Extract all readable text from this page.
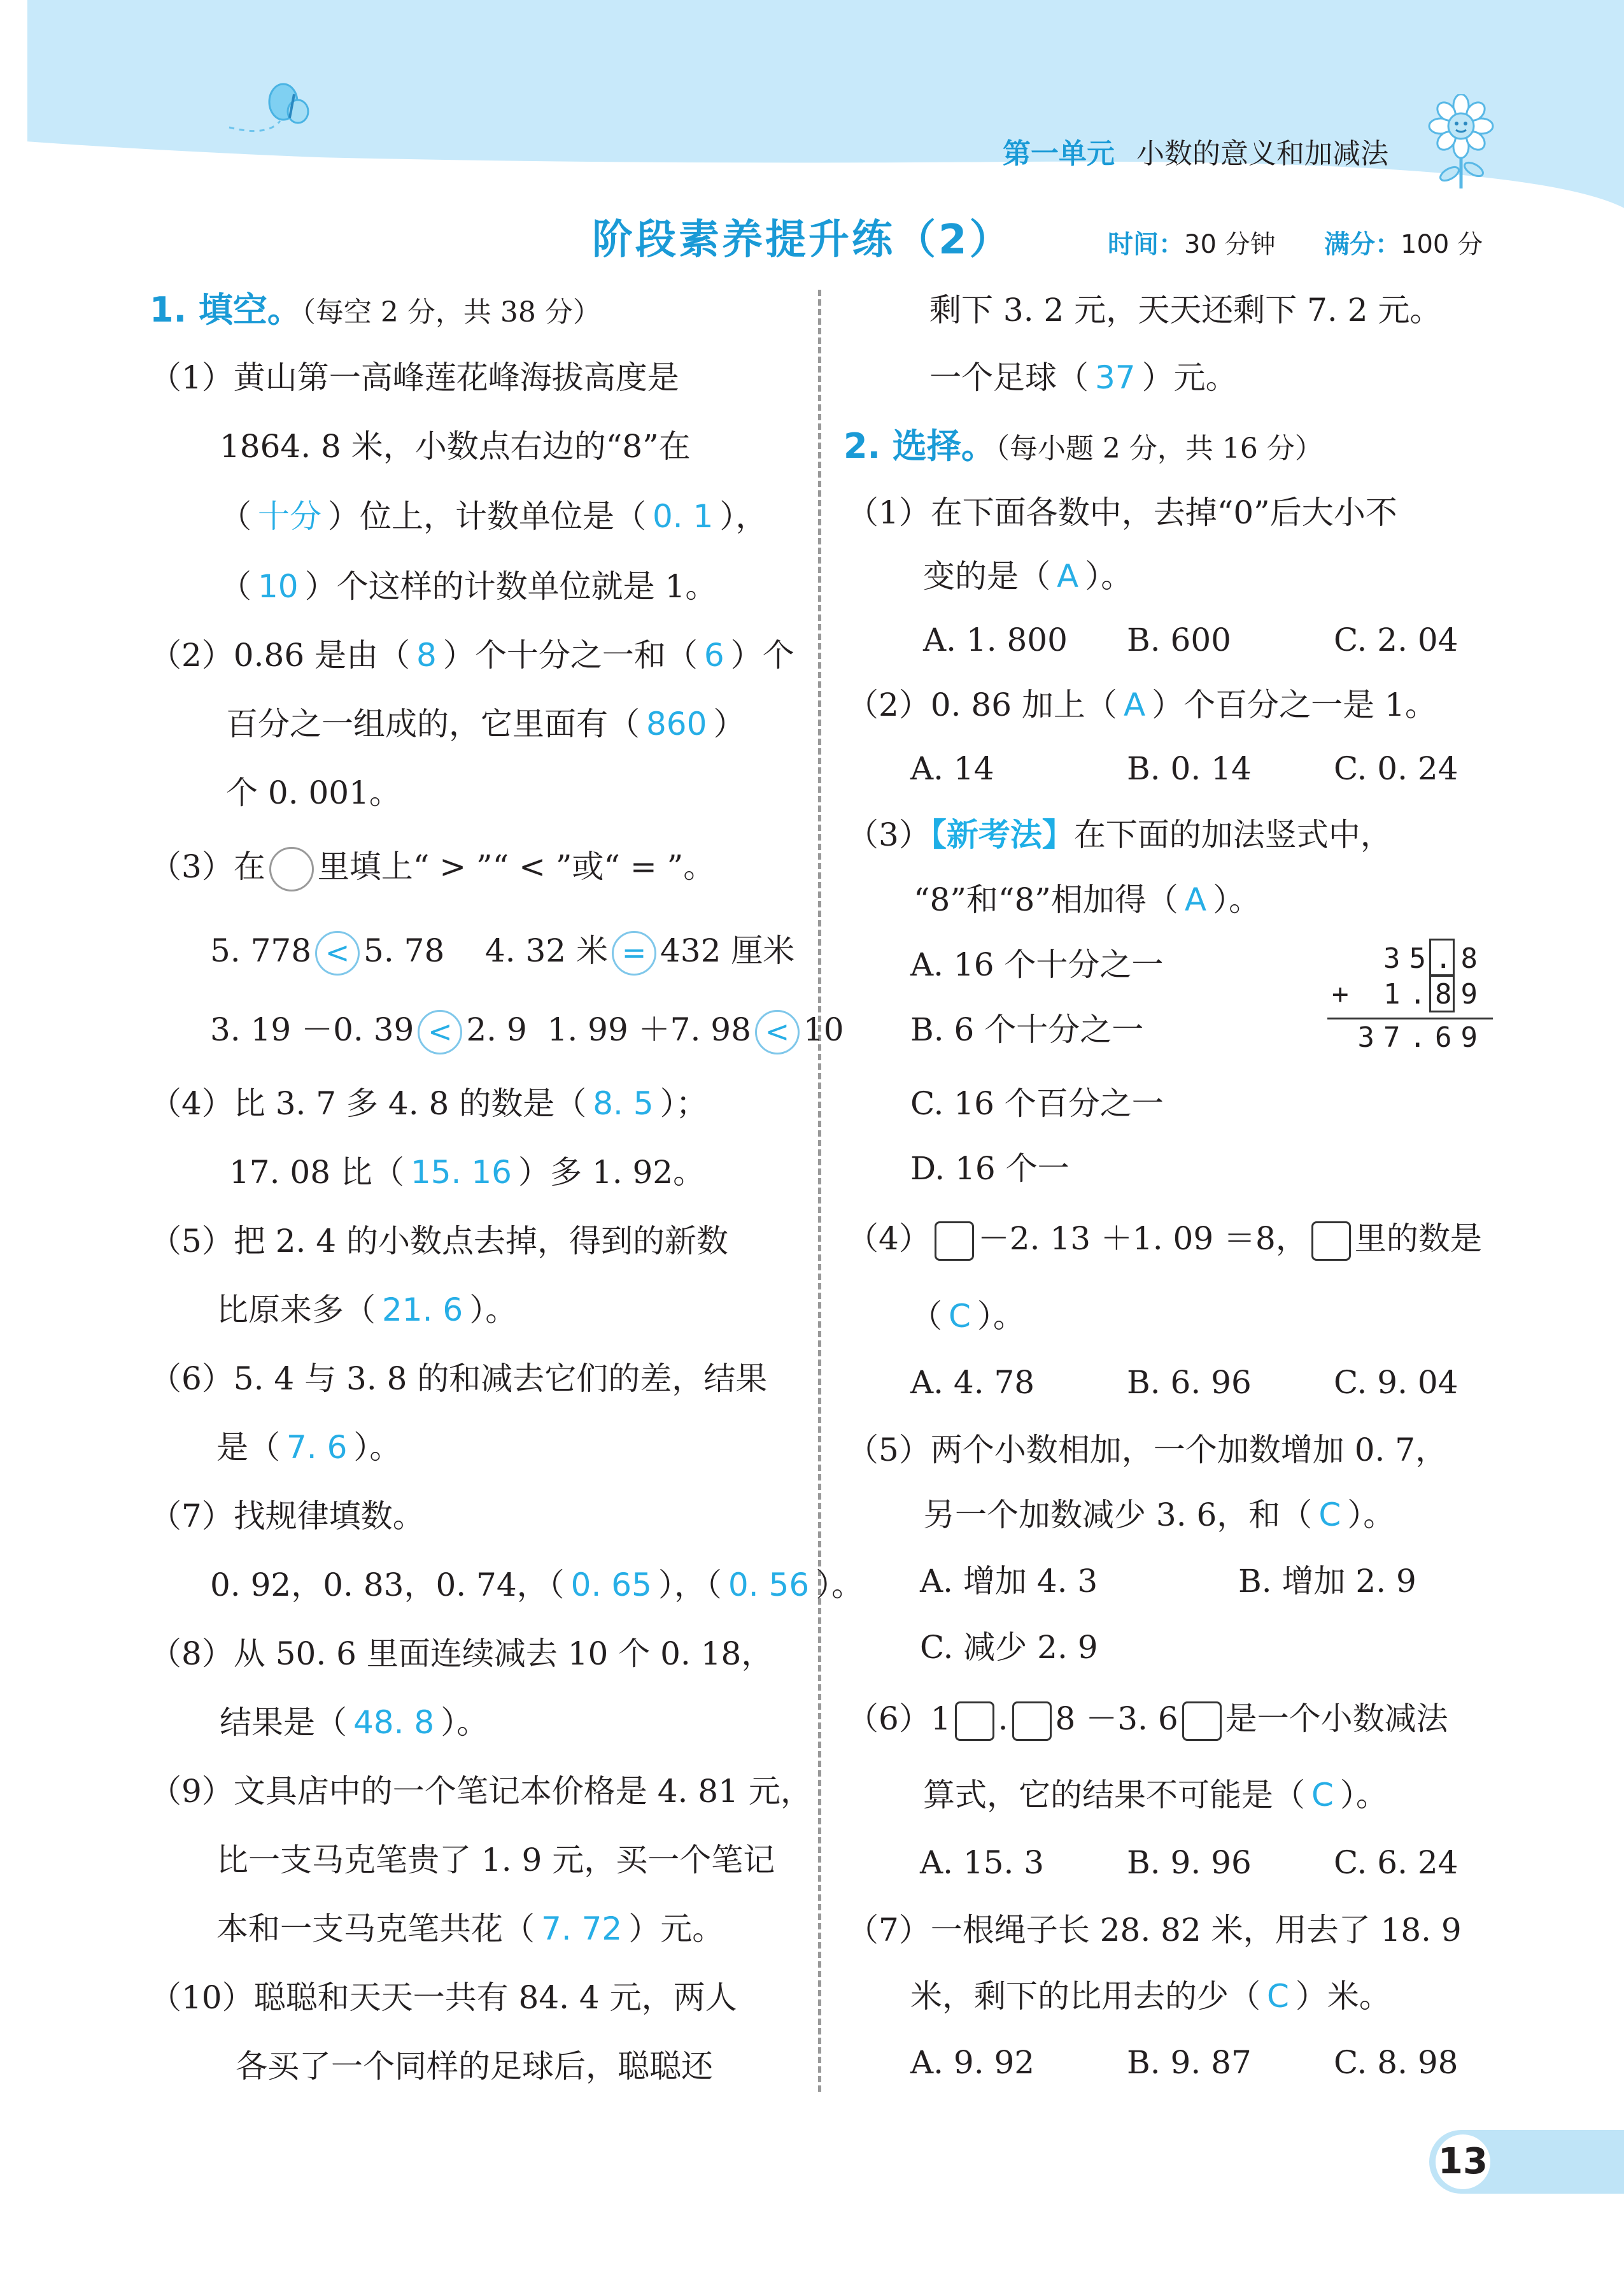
第一单元 小数的意义和加减法
阶段素养提升练（2）	时间：30 分钟 满分：100 分
1. 填空。（每空 2 分，共 38 分）
（1）黄山第一高峰莲花峰海拔高度是
1864. 8 米，小数点右边的“8”在
（ 十分 ）位上，计数单位是（ 0. 1 ），
（ 10 ）个这样的计数单位就是 1。
（2）0.86 是由（ 8 ）个十分之一和（ 6 ）个
百分之一组成的，它里面有（ 860 ）
个 0. 001。
（3）在 里填上“ > ”“ < ”或“ = ”。
5. 778 < 5. 78 4. 32 米 = 432 厘米
3. 19 －0. 39 < 2. 9 1. 99 ＋7. 98 < 10
（4）比 3. 7 多 4. 8 的数是（ 8. 5 ）；
17. 08 比（ 15. 16 ）多 1. 92。
（5）把 2. 4 的小数点去掉，得到的新数
比原来多（ 21. 6 ）。
（6）5. 4 与 3. 8 的和减去它们的差，结果
是（ 7. 6 ）。
（7）找规律填数。
0. 92，0. 83，0. 74，（ 0. 65 ），（ 0. 56 ）。
（8）从 50. 6 里面连续减去 10 个 0. 18，
结果是（ 48. 8 ）。
（9）文具店中的一个笔记本价格是 4. 81 元，
比一支马克笔贵了 1. 9 元，买一个笔记
本和一支马克笔共花（ 7. 72 ）元。
（10）聪聪和天天一共有 84. 4 元，两人
各买了一个同样的足球后，聪聪还
剩下 3. 2 元，天天还剩下 7. 2 元。
一个足球（ 37 ）元。
2. 选择。（每小题 2 分，共 16 分）
（1）在下面各数中，去掉“0”后大小不
变的是（ A ）。
A. 1. 800 B. 600	C. 2. 04
（2）0. 86 加上（ A ）个百分之一是 1。
A. 14	B. 0. 14	C. 0. 24
（3）【新考法】在下面的加法竖式中，
“8”和“8”相加得（ A ）。
A. 16 个十分之一
B. 6 个十分之一
C. 16 个百分之一
D. 16 个一
35.8
+ 1.89
37.69
（4） －2. 13 ＋1. 09 ＝8， 里的数是
（ C ）。
A. 4. 78	B. 6. 96	C. 9. 04
（5）两个小数相加，一个加数增加 0. 7，
另一个加数减少 3. 6，和（ C ）。
A. 增加 4. 3	B. 增加 2. 9
C. 减少 2. 9
（6）1 . 8 －3. 6 是一个小数减法
算式，它的结果不可能是（ C ）。
A. 15. 3	B. 9. 96	C. 6. 24
（7）一根绳子长 28. 82 米，用去了 18. 9
米，剩下的比用去的少（ C ）米。
A. 9. 92	B. 9. 87	C. 8. 98
13
